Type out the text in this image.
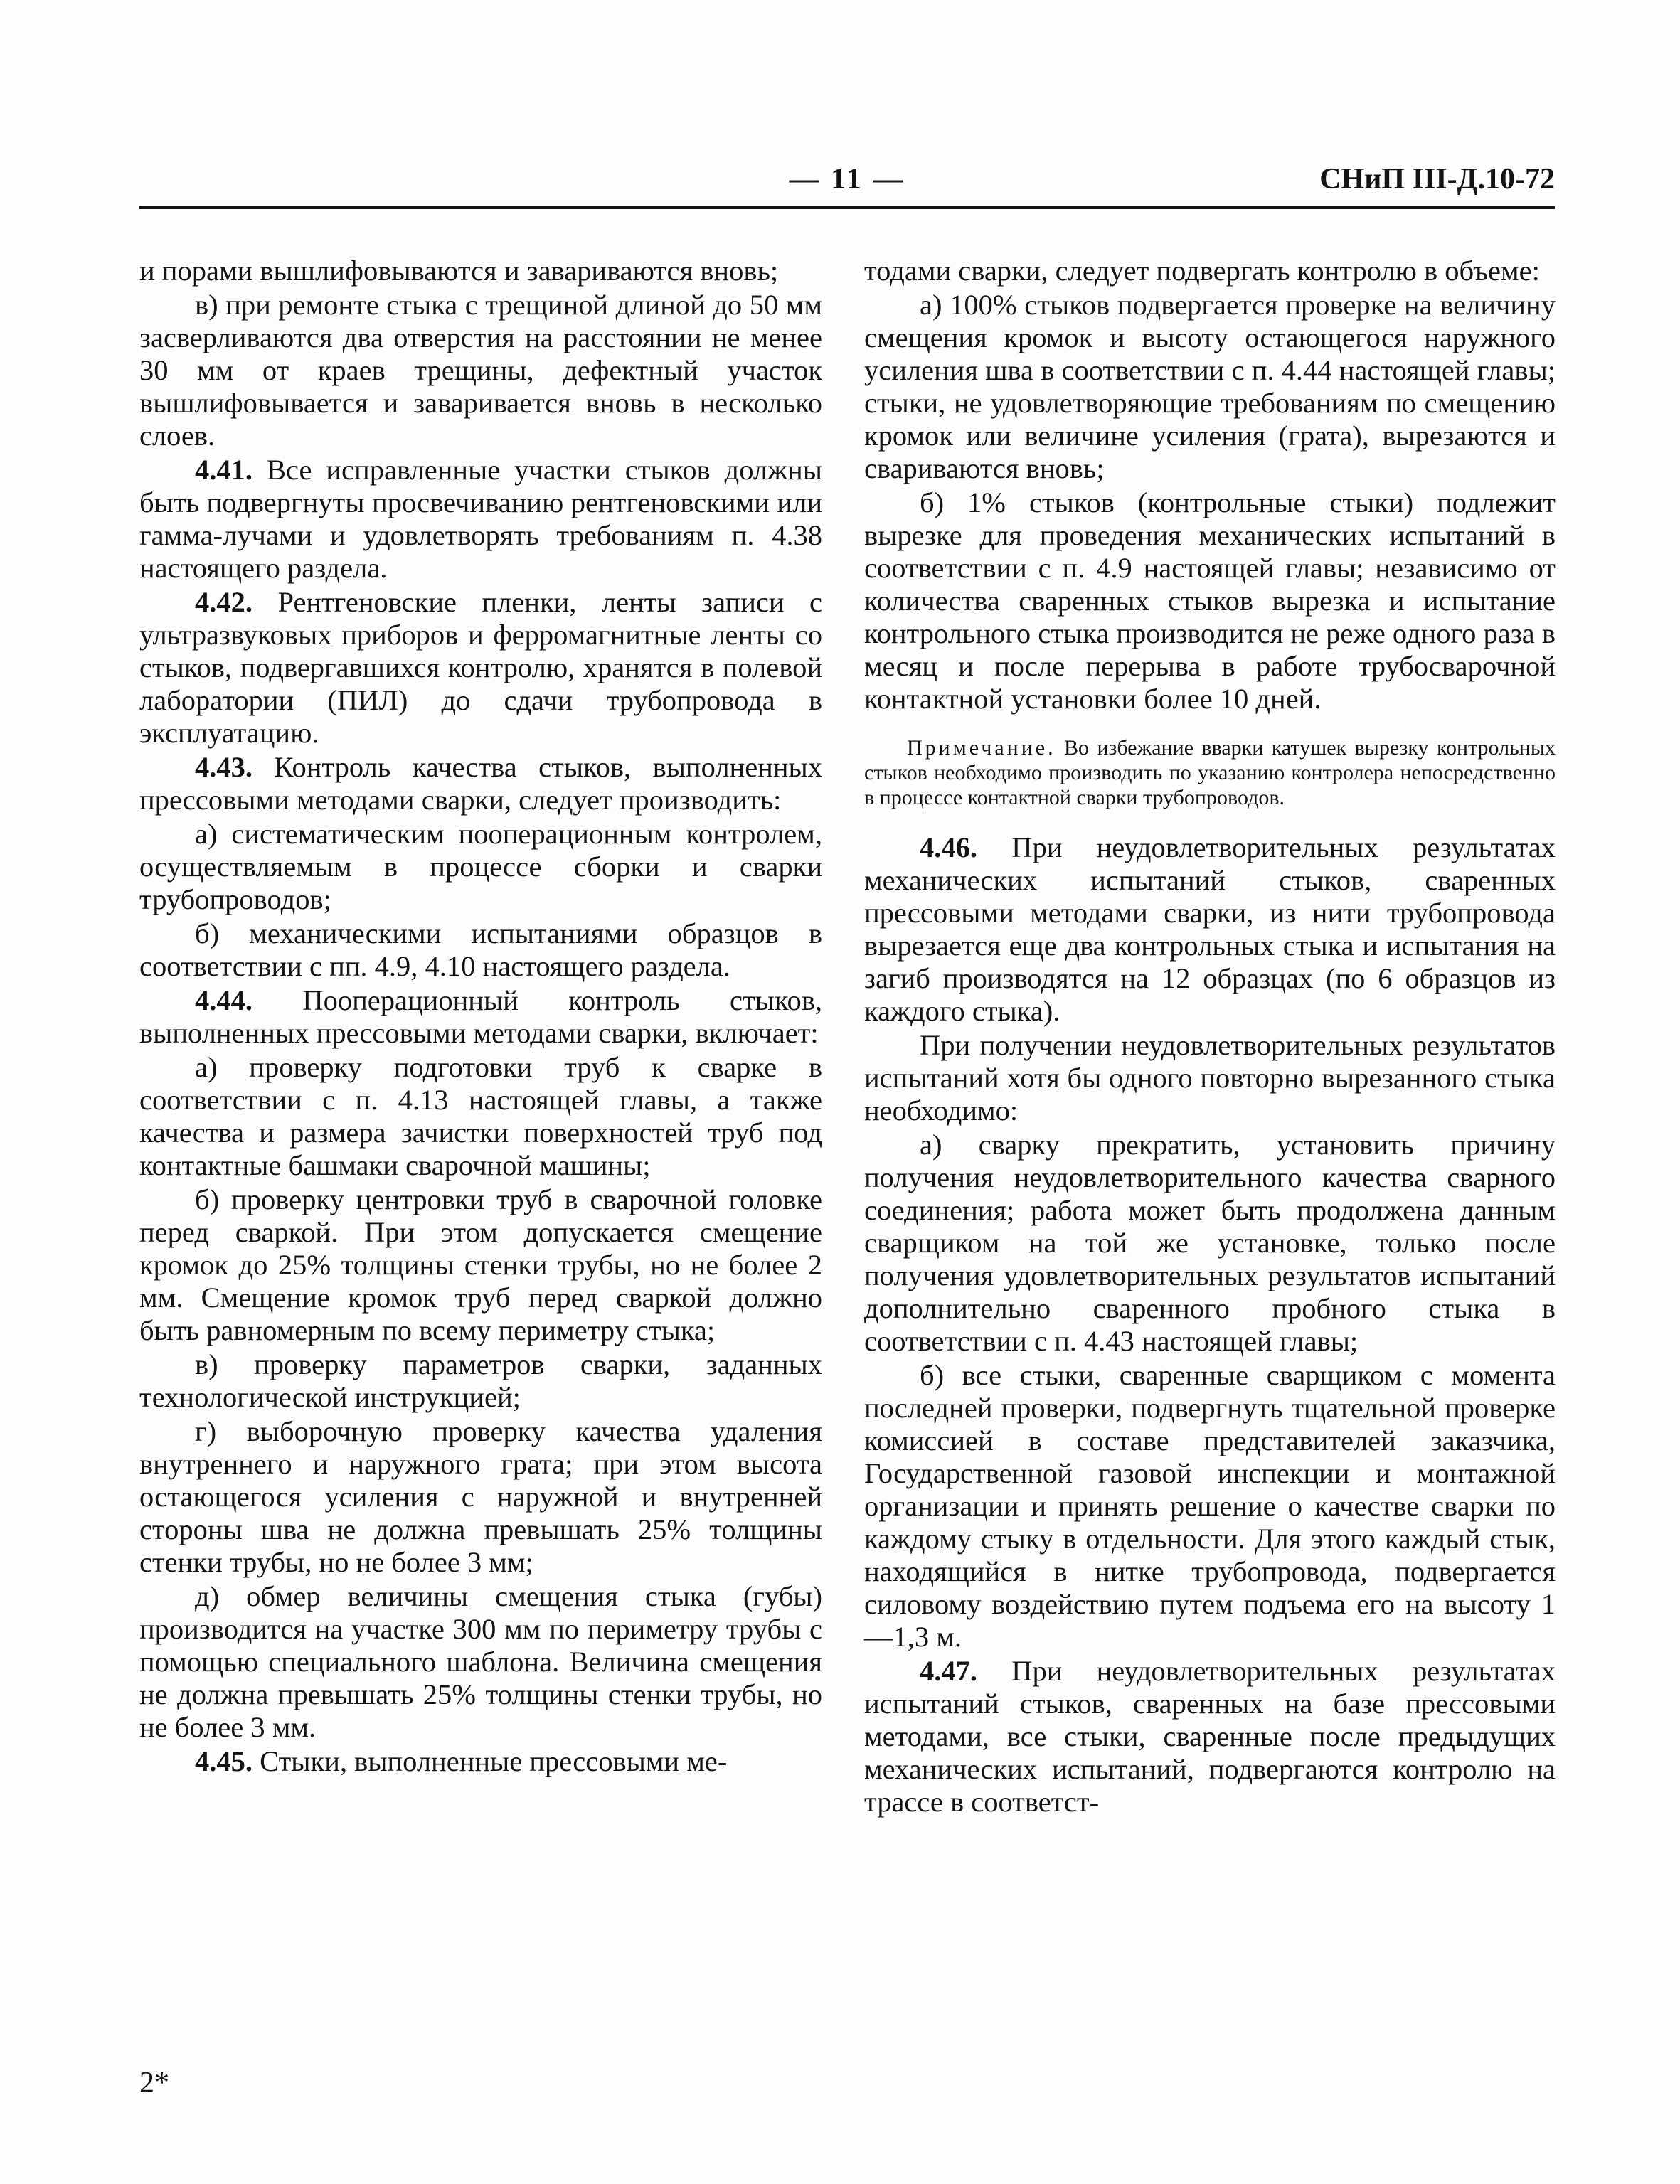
— 11 —	СНиП III-Д.10-72

и порами вышлифовываются и завариваются вновь;

в) при ремонте стыка с трещиной длиной до 50 мм засверливаются два отверстия на расстоянии не менее 30 мм от краев трещины, дефектный участок вышлифовывается и заваривается вновь в несколько слоев.

4.41. Все исправленные участки стыков должны быть подвергнуты просвечиванию рентгеновскими или гамма-лучами и удовлетворять требованиям п. 4.38 настоящего раздела.

4.42. Рентгеновские пленки, ленты записи с ультразвуковых приборов и ферромагнитные ленты со стыков, подвергавшихся контролю, хранятся в полевой лаборатории (ПИЛ) до сдачи трубопровода в эксплуатацию.

4.43. Контроль качества стыков, выполненных прессовыми методами сварки, следует производить:

а) систематическим пооперационным контролем, осуществляемым в процессе сборки и сварки трубопроводов;

б) механическими испытаниями образцов в соответствии с пп. 4.9, 4.10 настоящего раздела.

4.44. Пооперационный контроль стыков, выполненных прессовыми методами сварки, включает:

а) проверку подготовки труб к сварке в соответствии с п. 4.13 настоящей главы, а также качества и размера зачистки поверхностей труб под контактные башмаки сварочной машины;

б) проверку центровки труб в сварочной головке перед сваркой. При этом допускается смещение кромок до 25% толщины стенки трубы, но не более 2 мм. Смещение кромок труб перед сваркой должно быть равномерным по всему периметру стыка;

в) проверку параметров сварки, заданных технологической инструкцией;

г) выборочную проверку качества удаления внутреннего и наружного грата; при этом высота остающегося усиления с наружной и внутренней стороны шва не должна превышать 25% толщины стенки трубы, но не более 3 мм;

д) обмер величины смещения стыка (губы) производится на участке 300 мм по периметру трубы с помощью специального шаблона. Величина смещения не должна превышать 25% толщины стенки трубы, но не более 3 мм.

4.45. Стыки, выполненные прессовыми ме-

тодами сварки, следует подвергать контролю в объеме:

а) 100% стыков подвергается проверке на величину смещения кромок и высоту остающегося наружного усиления шва в соответствии с п. 4.44 настоящей главы; стыки, не удовлетворяющие требованиям по смещению кромок или величине усиления (грата), вырезаются и свариваются вновь;

б) 1% стыков (контрольные стыки) подлежит вырезке для проведения механических испытаний в соответствии с п. 4.9 настоящей главы; независимо от количества сваренных стыков вырезка и испытание контрольного стыка производится не реже одного раза в месяц и после перерыва в работе трубосварочной контактной установки более 10 дней.

Примечание. Во избежание вварки катушек вырезку контрольных стыков необходимо производить по указанию контролера непосредственно в процессе контактной сварки трубопроводов.

4.46. При неудовлетворительных результатах механических испытаний стыков, сваренных прессовыми методами сварки, из нити трубопровода вырезается еще два контрольных стыка и испытания на загиб производятся на 12 образцах (по 6 образцов из каждого стыка).

При получении неудовлетворительных результатов испытаний хотя бы одного повторно вырезанного стыка необходимо:

а) сварку прекратить, установить причину получения неудовлетворительного качества сварного соединения; работа может быть продолжена данным сварщиком на той же установке, только после получения удовлетворительных результатов испытаний дополнительно сваренного пробного стыка в соответствии с п. 4.43 настоящей главы;

б) все стыки, сваренные сварщиком с момента последней проверки, подвергнуть тщательной проверке комиссией в составе представителей заказчика, Государственной газовой инспекции и монтажной организации и принять решение о качестве сварки по каждому стыку в отдельности. Для этого каждый стык, находящийся в нитке трубопровода, подвергается силовому воздействию путем подъема его на высоту 1—1,3 м.

4.47. При неудовлетворительных результатах испытаний стыков, сваренных на базе прессовыми методами, все стыки, сваренные после предыдущих механических испытаний, подвергаются контролю на трассе в соответст-

2*
